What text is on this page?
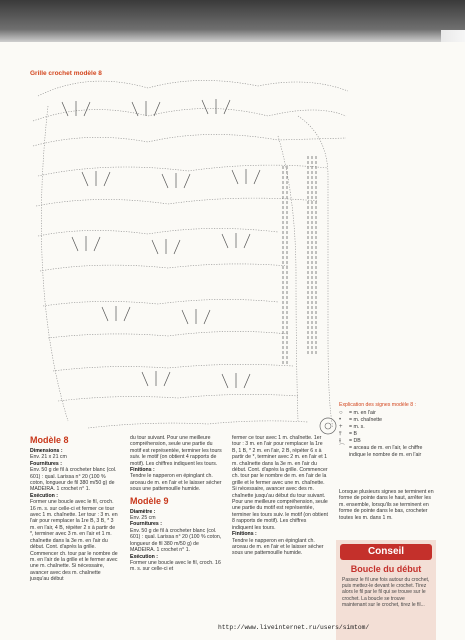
Grille crochet modèle 8
Modèle 8

Dimensions :
Env. 21 x 21 cm

Fournitures :
Env. 50 g de fil à crocheter blanc (col. 601) : qual. Larissa n° 20 (100 % coton, longueur de fil 380 m/50 g) de MADEIRA. 1 crochet n° 1.

Exécution :
Former une boucle avec le fil, croch. 16 m. s. sur celle-ci et fermer ce tour avec 1 m. chaînette. 1er tour : 3 m. en l'air pour remplacer la 1re B, 3 B, * 3 m. en l'air, 4 B, répéter 2 x à partir de *, terminer avec 3 m. en l'air et 1 m. chaînette dans la 3e m. en l'air du début. Cont. d'après la grille. Commencer ch. tour par le nombre de m. en l'air de la grille et le fermer avec une m. chaînette. Si nécessaire, avancer avec des m. chaînette jusqu'au début

du tour suivant. Pour une meilleure compréhension, seule une partie du motif est représentée, terminer les tours suiv. le motif (on obtient 4 rapports de motif). Les chiffres indiquent les tours.

Finitions :
Tendre le napperon en épinglant ch. arceau de m. en l'air et le laisser sécher sous une pattemouille humide.

Modèle 9

Diamètre :
Env. 25 cm

Fournitures :
Env. 50 g de fil à crocheter blanc (col. 601) : qual. Larissa n° 20 (100 % coton, longueur de fil 380 m/50 g) de MADEIRA. 1 crochet n° 1.

Exécution :
Former une boucle avec le fil, croch. 16 m. s. sur celle-ci et

fermer ce tour avec 1 m. chaînette. 1er tour : 3 m. en l'air pour remplacer la 1re B, 1 B, * 2 m. en l'air, 2 B, répéter 6 x à partir de *, terminer avec 2 m. en l'air et 1 m. chaînette dans la 3e m. en l'air du début. Cont. d'après la grille. Commencer ch. tour par le nombre de m. en l'air de la grille et le fermer avec une m. chaînette. Si nécessaire, avancer avec des m. chaînette jusqu'au début du tour suivant. Pour une meilleure compréhension, seule une partie du motif est représentée, terminer les tours suiv. le motif (on obtient 8 rapports de motif). Les chiffres indiquent les tours.

Finitions :
Tendre le napperon en épinglant ch. arceau de m. en l'air et le laisser sécher sous une pattemouille humide.

Explication des signes modèle 8 :
○	= m. en l'air
•	= m. chaînette
+	= m. s.
⫯	= B
⫲	= DB
⌒ = arceau de m. en l'air, le chiffre indique le nombre de m. en l'air
Lorsque plusieurs signes se terminent en forme de pointe dans le haut, arrêter les m. ensemble, lorsqu'ils se terminent en forme de pointe dans le bas, crocheter toutes les m. dans 1 m.
Conseil
Boucle du début
Passez le fil une fois autour du crochet, puis mettez-le devant le crochet. Tirez alors le fil par le fil qui se trouve sur le crochet. La boucle se trouve maintenant sur le crochet, tirez le fil...
http://www.liveinternet.ru/users/simtom/
